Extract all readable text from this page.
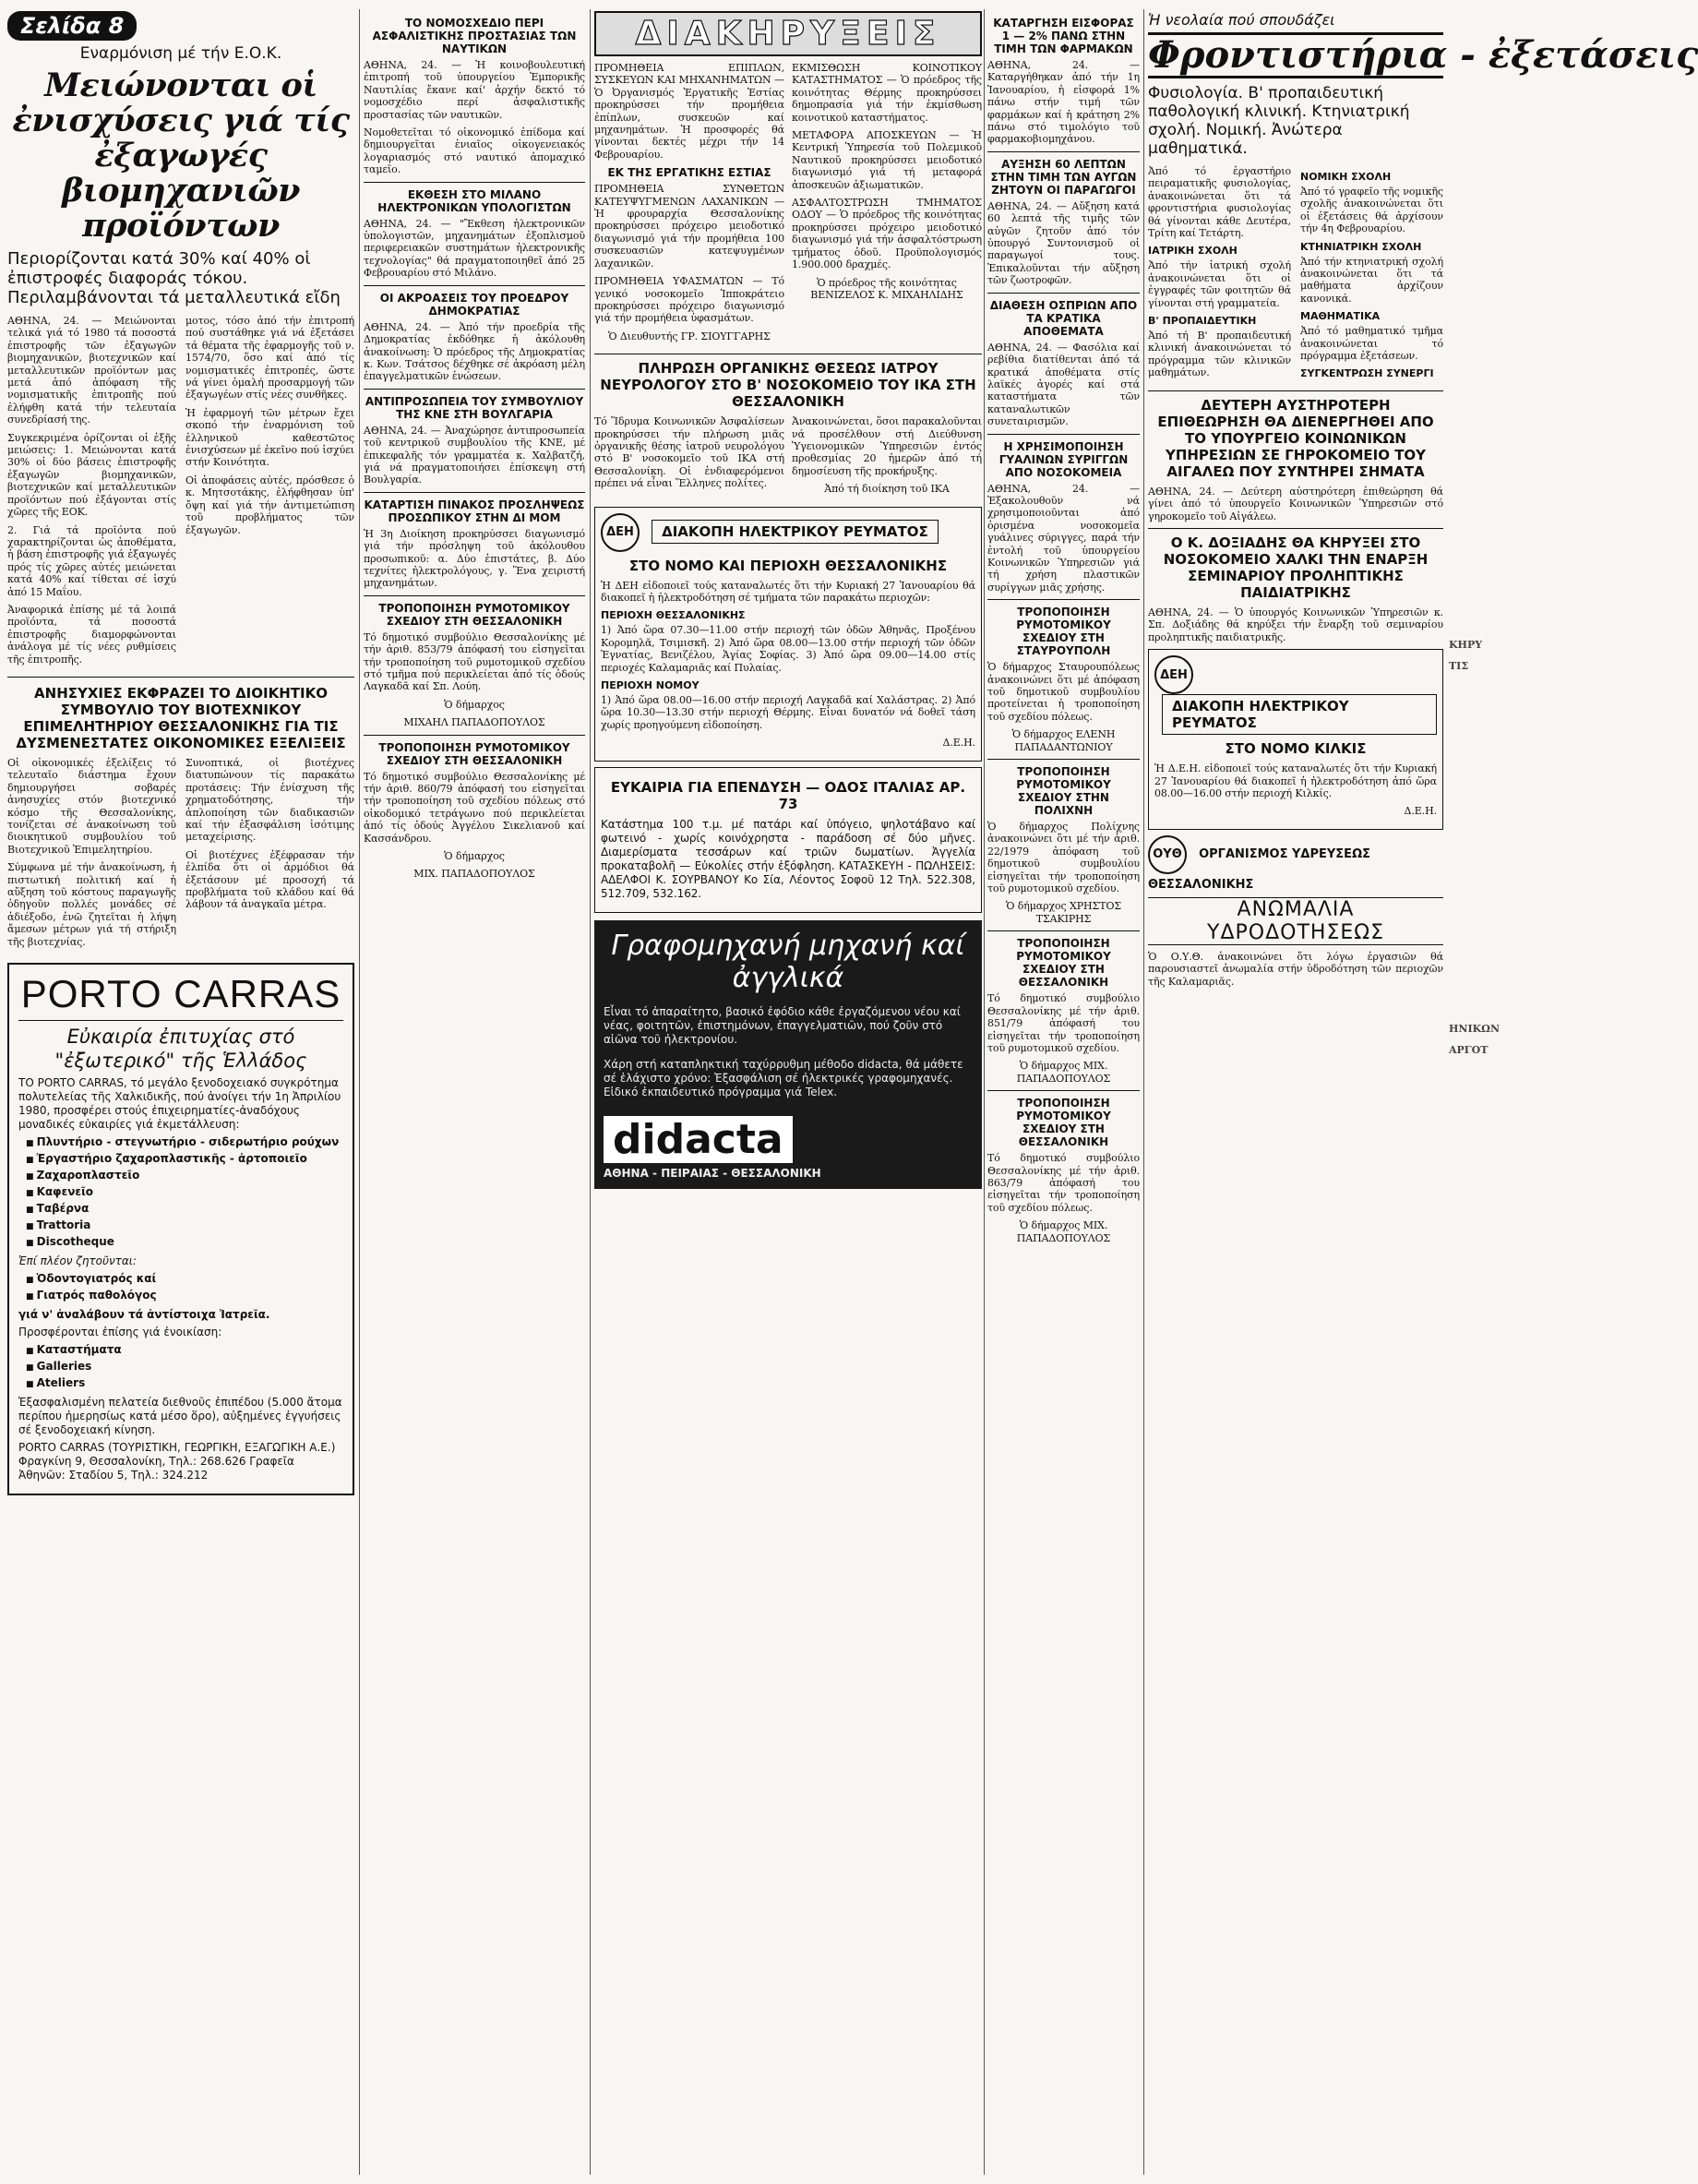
Σελίδα 8
Εναρμόνιση μέ τήν Ε.Ο.Κ.
Μειώνονται οἱ ἐνισχύσεις γιά τίς ἐξαγωγές βιομηχανιῶν προϊόντων
Περιορίζονται κατά 30% καί 40% οἱ ἐπιστροφές διαφοράς τόκου. Περιλαμβάνονται τά μεταλλευτικά εἴδη

ΑΘΗΝΑ, 24. — Μειώνονται τελικά γιά τό 1980 τά ποσοστά ἐπιστροφῆς τῶν ἐξαγωγῶν βιομηχανικῶν, βιοτεχνικῶν καί μεταλλευτικῶν προϊόντων μας μετά ἀπό ἀπόφαση τῆς νομισματικῆς ἐπιτροπῆς πού ἐλήφθη κατά τήν τελευταία συνεδρίασή της.

Συγκεκριμένα ὁρίζονται οἱ ἑξῆς μειώσεις: 1. Μειώνονται κατά 30% οἱ δύο βάσεις ἐπιστροφῆς ἐξαγωγῶν βιομηχανικῶν, βιοτεχνικῶν καί μεταλλευτικῶν προϊόντων πού ἐξάγονται στίς χῶρες τῆς ΕΟΚ.

2. Γιά τά προϊόντα πού χαρακτηρίζονται ὡς ἀποθέματα, ἡ βάση ἐπιστροφῆς γιά ἐξαγωγές πρός τίς χῶρες αὐτές μειώνεται κατά 40% καί τίθεται σέ ἰσχύ ἀπό 15 Μαΐου.

Ἀναφορικά ἐπίσης μέ τά λοιπά προϊόντα, τά ποσοστά ἐπιστροφῆς διαμορφώνονται ἀνάλογα μέ τίς νέες ρυθμίσεις τῆς ἐπιτροπῆς.

μοτος, τόσο ἀπό τήν ἐπιτροπή πού συστάθηκε γιά νά ἐξετάσει τά θέματα τῆς ἐφαρμογῆς τοῦ ν. 1574/70, ὅσο καί ἀπό τίς νομισματικές ἐπιτροπές, ὥστε νά γίνει ὁμαλή προσαρμογή τῶν ἐξαγωγέων στίς νέες συνθῆκες.

Ἡ ἐφαρμογή τῶν μέτρων ἔχει σκοπό τήν ἐναρμόνιση τοῦ ἑλληνικοῦ καθεστῶτος ἐνισχύσεων μέ ἐκεῖνο πού ἰσχύει στήν Κοινότητα.

Οἱ ἀποφάσεις αὐτές, πρόσθεσε ὁ κ. Μητσοτάκης, ἐλήφθησαν ὑπ' ὄψη καί γιά τήν ἀντιμετώπιση τοῦ προβλήματος τῶν ἐξαγωγῶν.

ΑΝΗΣΥΧΙΕΣ ΕΚΦΡΑΖΕΙ ΤΟ ΔΙΟΙΚΗΤΙΚΟ ΣΥΜΒΟΥΛΙΟ ΤΟΥ ΒΙΟΤΕΧΝΙΚΟΥ ΕΠΙΜΕΛΗΤΗΡΙΟΥ ΘΕΣΣΑΛΟΝΙΚΗΣ ΓΙΑ ΤΙΣ ΔΥΣΜΕΝΕΣΤΑΤΕΣ ΟΙΚΟΝΟΜΙΚΕΣ ΕΞΕΛΙΞΕΙΣ

Οἱ οἰκονομικές ἐξελίξεις τό τελευταῖο διάστημα ἔχουν δημιουργήσει σοβαρές ἀνησυχίες στόν βιοτεχνικό κόσμο τῆς Θεσσαλονίκης, τονίζεται σέ ἀνακοίνωση τοῦ διοικητικοῦ συμβουλίου τοῦ Βιοτεχνικοῦ Ἐπιμελητηρίου.

Σύμφωνα μέ τήν ἀνακοίνωση, ἡ πιστωτική πολιτική καί ἡ αὔξηση τοῦ κόστους παραγωγῆς ὁδηγοῦν πολλές μονάδες σέ ἀδιέξοδο, ἐνῶ ζητεῖται ἡ λήψη ἄμεσων μέτρων γιά τή στήριξη τῆς βιοτεχνίας.

Συνοπτικά, οἱ βιοτέχνες διατυπώνουν τίς παρακάτω προτάσεις: Τήν ἐνίσχυση τῆς χρηματοδότησης, τήν ἀπλοποίηση τῶν διαδικασιῶν καί τήν ἐξασφάλιση ἰσότιμης μεταχείρισης.

Οἱ βιοτέχνες ἐξέφρασαν τήν ἐλπίδα ὅτι οἱ ἁρμόδιοι θά ἐξετάσουν μέ προσοχή τά προβλήματα τοῦ κλάδου καί θά λάβουν τά ἀναγκαῖα μέτρα.

PORTO CARRAS
Εὐκαιρία ἐπιτυχίας στό "ἐξωτερικό" τῆς Ἑλλάδος

ΤΟ PORTO CARRAS, τό μεγάλο ξενοδοχειακό συγκρότημα πολυτελείας τῆς Χαλκιδικῆς, πού ἀνοίγει τήν 1η Ἀπριλίου 1980, προσφέρει στούς ἐπιχειρηματίες-ἀναδόχους μοναδικές εὐκαιρίες γιά ἐκμετάλλευση:

■ Πλυντήριο - στεγνωτήριο - σιδερωτήριο ρούχων
■ Ἐργαστήριο ζαχαροπλαστικῆς - ἀρτοποιεῖο
■ Ζαχαροπλαστεῖο
■ Καφενεῖο
■ Ταβέρνα
■ Trattoria
■ Discotheque
Ἐπί πλέον ζητοῦνται:
■ Ὀδοντογιατρός καί
■ Γιατρός παθολόγος
γιά ν' ἀναλάβουν τά ἀντίστοιχα Ἰατρεῖα.
Προσφέρονται ἐπίσης γιά ἐνοικίαση:
■ Καταστήματα
■ Galleries
■ Ateliers

Ἐξασφαλισμένη πελατεία διεθνοῦς ἐπιπέδου (5.000 ἄτομα περίπου ἡμερησίως κατά μέσο ὅρο), αὐξημένες ἐγγυήσεις σέ ξενοδοχειακή κίνηση.

PORTO CARRAS (ΤΟΥΡΙΣΤΙΚΗ, ΓΕΩΡΓΙΚΗ, ΕΞΑΓΩΓΙΚΗ Α.Ε.) Φραγκίνη 9, Θεσσαλονίκη, Τηλ.: 268.626 Γραφεῖα Ἀθηνῶν: Σταδίου 5, Τηλ.: 324.212

ΤΟ ΝΟΜΟΣΧΕΔΙΟ ΠΕΡΙ ΑΣΦΑΛΙΣΤΙΚΗΣ ΠΡΟΣΤΑΣΙΑΣ ΤΩΝ ΝΑΥΤΙΚΩΝ

ΑΘΗΝΑ, 24. — Ἡ κοινοβουλευτική ἐπιτροπή τοῦ ὑπουργείου Ἐμπορικῆς Ναυτιλίας ἔκανε καί' ἀρχήν δεκτό τό νομοσχέδιο περί ἀσφαλιστικῆς προστασίας τῶν ναυτικῶν.

Νομοθετεῖται τό οἰκονομικό ἐπίδομα καί δημιουργεῖται ἑνιαῖος οἰκογενειακός λογαριασμός στό ναυτικό ἀπομαχικό ταμεῖο.

ΕΚΘΕΣΗ ΣΤΟ ΜΙΛΑΝΟ ΗΛΕΚΤΡΟΝΙΚΩΝ ΥΠΟΛΟΓΙΣΤΩΝ

ΑΘΗΝΑ, 24. — "Ἔκθεση ἠλεκτρονικῶν ὑπολογιστῶν, μηχανημάτων ἐξοπλισμοῦ περιφερειακῶν συστημάτων ἠλεκτρονικῆς τεχνολογίας" θά πραγματοποιηθεῖ ἀπό 25 Φεβρουαρίου στό Μιλάνο.

ΟΙ ΑΚΡΟΑΣΕΙΣ ΤΟΥ ΠΡΟΕΔΡΟΥ ΔΗΜΟΚΡΑΤΙΑΣ

ΑΘΗΝΑ, 24. — Ἀπό τήν προεδρία τῆς Δημοκρατίας ἐκδόθηκε ἡ ἀκόλουθη ἀνακοίνωση: Ὁ πρόεδρος τῆς Δημοκρατίας κ. Κων. Τσάτσος δέχθηκε σέ ἀκρόαση μέλη ἐπαγγελματικῶν ἑνώσεων.

ΑΝΤΙΠΡΟΣΩΠΕΙΑ ΤΟΥ ΣΥΜΒΟΥΛΙΟΥ ΤΗΣ ΚΝΕ ΣΤΗ ΒΟΥΛΓΑΡΙΑ

ΑΘΗΝΑ, 24. — Ἀναχώρησε ἀντιπροσωπεία τοῦ κεντρικοῦ συμβουλίου τῆς ΚΝΕ, μέ ἐπικεφαλῆς τόν γραμματέα κ. Χαλβατζή, γιά νά πραγματοποιήσει ἐπίσκεψη στή Βουλγαρία.

ΚΑΤΑΡΤΙΣΗ ΠΙΝΑΚΟΣ ΠΡΟΣΛΗΨΕΩΣ ΠΡΟΣΩΠΙΚΟΥ ΣΤΗΝ ΔΙ ΜΟΜ

Ἡ 3η Διοίκηση προκηρύσσει διαγωνισμό γιά τήν πρόσληψη τοῦ ἀκόλουθου προσωπικοῦ: α. Δύο ἐπιστάτες, β. Δύο τεχνίτες ἠλεκτρολόγους, γ. Ἕνα χειριστή μηχανημάτων.

ΤΡΟΠΟΠΟΙΗΣΗ ΡΥΜΟΤΟΜΙΚΟΥ ΣΧΕΔΙΟΥ ΣΤΗ ΘΕΣΣΑΛΟΝΙΚΗ

Τό δημοτικό συμβούλιο Θεσσαλονίκης μέ τήν ἀριθ. 853/79 ἀπόφασή του εἰσηγεῖται τήν τροποποίηση τοῦ ρυμοτομικοῦ σχεδίου στό τμῆμα πού περικλείεται ἀπό τίς ὁδούς Λαγκαδᾶ καί Σπ. Λούη.

Ὁ δήμαρχος
ΜΙΧΑΗΛ ΠΑΠΑΔΟΠΟΥΛΟΣ
ΤΡΟΠΟΠΟΙΗΣΗ ΡΥΜΟΤΟΜΙΚΟΥ ΣΧΕΔΙΟΥ ΣΤΗ ΘΕΣΣΑΛΟΝΙΚΗ

Τό δημοτικό συμβούλιο Θεσσαλονίκης μέ τήν ἀριθ. 860/79 ἀπόφασή του εἰσηγεῖται τήν τροποποίηση τοῦ σχεδίου πόλεως στό οἰκοδομικό τετράγωνο πού περικλείεται ἀπό τίς ὁδούς Ἀγγέλου Σικελιανοῦ καί Κασσάνδρου.

Ὁ δήμαρχος
ΜΙΧ. ΠΑΠΑΔΟΠΟΥΛΟΣ
ΔΙΑΚΗΡΥΞΕΙΣ

ΠΡΟΜΗΘΕΙΑ ΕΠΙΠΛΩΝ, ΣΥΣΚΕΥΩΝ ΚΑΙ ΜΗΧΑΝΗΜΑΤΩΝ — Ὁ Ὀργανισμός Ἐργατικῆς Ἑστίας προκηρύσσει τήν προμήθεια ἐπίπλων, συσκευῶν καί μηχανημάτων. Ἡ προσφορές θά γίνονται δεκτές μέχρι τήν 14 Φεβρουαρίου.

ΕΚ ΤΗΣ ΕΡΓΑΤΙΚΗΣ ΕΣΤΙΑΣ

ΠΡΟΜΗΘΕΙΑ ΣΥΝΘΕΤΩΝ ΚΑΤΕΥΨΥΓΜΕΝΩΝ ΛΑΧΑΝΙΚΩΝ — Ἡ φρουραρχία Θεσσαλονίκης προκηρύσσει πρόχειρο μειοδοτικό διαγωνισμό γιά τήν προμήθεια 100 συσκευασιῶν κατεψυγμένων λαχανικῶν.

ΠΡΟΜΗΘΕΙΑ ΥΦΑΣΜΑΤΩΝ — Τό γενικό νοσοκομεῖο Ἱπποκράτειο προκηρύσσει πρόχειρο διαγωνισμό γιά τήν προμήθεια ὑφασμάτων.

Ὁ Διευθυντής ΓΡ. ΣΙΟΥΓΓΑΡΗΣ

ΕΚΜΙΣΘΩΣΗ ΚΟΙΝΟΤΙΚΟΥ ΚΑΤΑΣΤΗΜΑΤΟΣ — Ὁ πρόεδρος τῆς κοινότητας Θέρμης προκηρύσσει δημοπρασία γιά τήν ἐκμίσθωση κοινοτικοῦ καταστήματος.

ΜΕΤΑΦΟΡΑ ΑΠΟΣΚΕΥΩΝ — Ἡ Κεντρική Ὑπηρεσία τοῦ Πολεμικοῦ Ναυτικοῦ προκηρύσσει μειοδοτικό διαγωνισμό γιά τή μεταφορά ἀποσκευῶν ἀξιωματικῶν.

ΑΣΦΑΛΤΟΣΤΡΩΣΗ ΤΜΗΜΑΤΟΣ ΟΔΟΥ — Ὁ πρόεδρος τῆς κοινότητας προκηρύσσει πρόχειρο μειοδοτικό διαγωνισμό γιά τήν ἀσφαλτόστρωση τμήματος ὁδοῦ. Προϋπολογισμός 1.900.000 δραχμές.

Ὁ πρόεδρος τῆς κοινότητας ΒΕΝΙΖΕΛΟΣ Κ. ΜΙΧΑΗΛΙΔΗΣ
ΠΛΗΡΩΣΗ ΟΡΓΑΝΙΚΗΣ ΘΕΣΕΩΣ ΙΑΤΡΟΥ ΝΕΥΡΟΛΟΓΟΥ ΣΤΟ Β' ΝΟΣΟΚΟΜΕΙΟ ΤΟΥ ΙΚΑ ΣΤΗ ΘΕΣΣΑΛΟΝΙΚΗ

Τό Ἵδρυμα Κοινωνικῶν Ἀσφαλίσεων προκηρύσσει τήν πλήρωση μιᾶς ὀργανικῆς θέσης ἰατροῦ νευρολόγου στό Β' νοσοκομεῖο τοῦ ΙΚΑ στή Θεσσαλονίκη. Οἱ ἐνδιαφερόμενοι πρέπει νά εἶναι Ἕλληνες πολίτες.

Ἀνακοινώνεται, ὅσοι παρακαλοῦνται νά προσέλθουν στή Διεύθυνση Ὑγειονομικῶν Ὑπηρεσιῶν ἐντός προθεσμίας 20 ἡμερῶν ἀπό τή δημοσίευση τῆς προκήρυξης.

Ἀπό τή διοίκηση τοῦ ΙΚΑ
ΔΕΗ ΔΙΑΚΟΠΗ ΗΛΕΚΤΡΙΚΟΥ ΡΕΥΜΑΤΟΣ
ΣΤΟ ΝΟΜΟ ΚΑΙ ΠΕΡΙΟΧΗ ΘΕΣΣΑΛΟΝΙΚΗΣ

Ἡ ΔΕΗ εἰδοποιεῖ τούς καταναλωτές ὅτι τήν Κυριακή 27 Ἰανουαρίου θά διακοπεῖ ἡ ἠλεκτροδότηση σέ τμήματα τῶν παρακάτω περιοχῶν:

ΠΕΡΙΟΧΗ ΘΕΣΣΑΛΟΝΙΚΗΣ

1) Ἀπό ὥρα 07.30—11.00 στήν περιοχή τῶν ὁδῶν Ἀθηνᾶς, Προξένου Κορομηλᾶ, Τσιμισκῆ. 2) Ἀπό ὥρα 08.00—13.00 στήν περιοχή τῶν ὁδῶν Ἐγνατίας, Βενιζέλου, Ἁγίας Σοφίας. 3) Ἀπό ὥρα 09.00—14.00 στίς περιοχές Καλαμαριᾶς καί Πυλαίας.

ΠΕΡΙΟΧΗ ΝΟΜΟΥ

1) Ἀπό ὥρα 08.00—16.00 στήν περιοχή Λαγκαδᾶ καί Χαλάστρας. 2) Ἀπό ὥρα 10.30—13.30 στήν περιοχή Θέρμης. Εἶναι δυνατόν νά δοθεῖ τάση χωρίς προηγούμενη εἰδοποίηση.

Δ.Ε.Η.
ΕΥΚΑΙΡΙΑ ΓΙΑ ΕΠΕΝΔΥΣΗ — ΟΔΟΣ ΙΤΑΛΙΑΣ ΑΡ. 73

Κατάστημα 100 τ.μ. μέ πατάρι καί ὑπόγειο, ψηλοτάβανο καί φωτεινό - χωρίς κοινόχρηστα - παράδοση σέ δύο μῆνες. Διαμερίσματα τεσσάρων καί τριῶν δωματίων. Ἀγγελία προκαταβολῆ — Εὐκολίες στήν ἐξόφληση. ΚΑΤΑΣΚΕΥΗ - ΠΩΛΗΣΕΙΣ: ΑΔΕΛΦΟΙ Κ. ΣΟΥΡΒΑΝΟΥ Κο Σία, Λέοντος Σοφοῦ 12 Τηλ. 522.308, 512.709, 532.162.

Γραφομηχανή μηχανή καί ἀγγλικά

Εἶναι τό ἀπαραίτητο, βασικό ἐφόδιο κάθε ἐργαζόμενου νέου καί νέας, φοιτητῶν, ἐπιστημόνων, ἐπαγγελματιῶν, πού ζοῦν στό αἰῶνα τοῦ ἠλεκτρονίου.

Χάρη στή καταπληκτική ταχύρρυθμη μέθοδο didacta, θά μάθετε σέ ἐλάχιστο χρόνο: Ἐξασφάλιση σέ ἠλεκτρικές γραφομηχανές. Εἰδικό ἐκπαιδευτικό πρόγραμμα γιά Telex.

didacta
ΑΘΗΝΑ - ΠΕΙΡΑΙΑΣ - ΘΕΣΣΑΛΟΝΙΚΗ
ΚΑΤΑΡΓΗΣΗ ΕΙΣΦΟΡΑΣ 1 — 2% ΠΑΝΩ ΣΤΗΝ ΤΙΜΗ ΤΩΝ ΦΑΡΜΑΚΩΝ

ΑΘΗΝΑ, 24. — Καταργήθηκαν ἀπό τήν 1η Ἰανουαρίου, ἡ εἰσφορά 1% πάνω στήν τιμή τῶν φαρμάκων καί ἡ κράτηση 2% πάνω στό τιμολόγιο τοῦ φαρμακοβιομηχάνου.

ΑΥΞΗΣΗ 60 ΛΕΠΤΩΝ ΣΤΗΝ ΤΙΜΗ ΤΩΝ ΑΥΓΩΝ ΖΗΤΟΥΝ ΟΙ ΠΑΡΑΓΩΓΟΙ

ΑΘΗΝΑ, 24. — Αὔξηση κατά 60 λεπτά τῆς τιμῆς τῶν αὐγῶν ζητοῦν ἀπό τόν ὑπουργό Συντονισμοῦ οἱ παραγωγοί τους. Ἐπικαλοῦνται τήν αὔξηση τῶν ζωοτροφῶν.

ΔΙΑΘΕΣΗ ΟΣΠΡΙΩΝ ΑΠΟ ΤΑ ΚΡΑΤΙΚΑ ΑΠΟΘΕΜΑΤΑ

ΑΘΗΝΑ, 24. — Φασόλια καί ρεβίθια διατίθενται ἀπό τά κρατικά ἀποθέματα στίς λαϊκές ἀγορές καί στά καταστήματα τῶν καταναλωτικῶν συνεταιρισμῶν.

Η ΧΡΗΣΙΜΟΠΟΙΗΣΗ ΓΥΑΛΙΝΩΝ ΣΥΡΙΓΓΩΝ ΑΠΟ ΝΟΣΟΚΟΜΕΙΑ

ΑΘΗΝΑ, 24. — Ἐξακολουθοῦν νά χρησιμοποιοῦνται ἀπό ὁρισμένα νοσοκομεῖα γυάλινες σύριγγες, παρά τήν ἐντολή τοῦ ὑπουργείου Κοινωνικῶν Ὑπηρεσιῶν γιά τή χρήση πλαστικῶν συρίγγων μιᾶς χρήσης.

ΤΡΟΠΟΠΟΙΗΣΗ ΡΥΜΟΤΟΜΙΚΟΥ ΣΧΕΔΙΟΥ ΣΤΗ ΣΤΑΥΡΟΥΠΟΛΗ

Ὁ δήμαρχος Σταυρουπόλεως ἀνακοινώνει ὅτι μέ ἀπόφαση τοῦ δημοτικοῦ συμβουλίου προτείνεται ἡ τροποποίηση τοῦ σχεδίου πόλεως.

Ὁ δήμαρχος ΕΛΕΝΗ ΠΑΠΑΔΑΝΤΩΝΙΟΥ
ΤΡΟΠΟΠΟΙΗΣΗ ΡΥΜΟΤΟΜΙΚΟΥ ΣΧΕΔΙΟΥ ΣΤΗΝ ΠΟΛΙΧΝΗ

Ὁ δήμαρχος Πολίχνης ἀνακοινώνει ὅτι μέ τήν ἀριθ. 22/1979 ἀπόφαση τοῦ δημοτικοῦ συμβουλίου εἰσηγεῖται τήν τροποποίηση τοῦ ρυμοτομικοῦ σχεδίου.

Ὁ δήμαρχος ΧΡΗΣΤΟΣ ΤΣΑΚΙΡΗΣ
ΤΡΟΠΟΠΟΙΗΣΗ ΡΥΜΟΤΟΜΙΚΟΥ ΣΧΕΔΙΟΥ ΣΤΗ ΘΕΣΣΑΛΟΝΙΚΗ

Τό δημοτικό συμβούλιο Θεσσαλονίκης μέ τήν ἀριθ. 851/79 ἀπόφασή του εἰσηγεῖται τήν τροποποίηση τοῦ ρυμοτομικοῦ σχεδίου.

Ὁ δήμαρχος ΜΙΧ. ΠΑΠΑΔΟΠΟΥΛΟΣ
ΤΡΟΠΟΠΟΙΗΣΗ ΡΥΜΟΤΟΜΙΚΟΥ ΣΧΕΔΙΟΥ ΣΤΗ ΘΕΣΣΑΛΟΝΙΚΗ

Τό δημοτικό συμβούλιο Θεσσαλονίκης μέ τήν ἀριθ. 863/79 ἀπόφασή του εἰσηγεῖται τήν τροποποίηση τοῦ σχεδίου πόλεως.

Ὁ δήμαρχος ΜΙΧ. ΠΑΠΑΔΟΠΟΥΛΟΣ
Ἡ νεολαία πού σπουδάζει
Φροντιστήρια - ἐξετάσεις
Φυσιολογία. Β' προπαιδευτική παθολογική κλινική. Κτηνιατρική σχολή. Νομική. Ἀνώτερα μαθηματικά.

Ἀπό τό ἐργαστήριο πειραματικῆς φυσιολογίας, ἀνακοινώνεται ὅτι τά φροντιστήρια φυσιολογίας θά γίνονται κάθε Δευτέρα, Τρίτη καί Τετάρτη.

ΙΑΤΡΙΚΗ ΣΧΟΛΗ

Ἀπό τήν ἰατρική σχολή ἀνακοινώνεται ὅτι οἱ ἐγγραφές τῶν φοιτητῶν θά γίνονται στή γραμματεία.

Β' ΠΡΟΠΑΙΔΕΥΤΙΚΗ

Ἀπό τή Β' προπαιδευτική κλινική ἀνακοινώνεται τό πρόγραμμα τῶν κλινικῶν μαθημάτων.

ΝΟΜΙΚΗ ΣΧΟΛΗ

Ἀπό τό γραφεῖο τῆς νομικῆς σχολῆς ἀνακοινώνεται ὅτι οἱ ἐξετάσεις θά ἀρχίσουν τήν 4η Φεβρουαρίου.

ΚΤΗΝΙΑΤΡΙΚΗ ΣΧΟΛΗ

Ἀπό τήν κτηνιατρική σχολή ἀνακοινώνεται ὅτι τά μαθήματα ἀρχίζουν κανονικά.

ΜΑΘΗΜΑΤΙΚΑ

Ἀπό τό μαθηματικό τμῆμα ἀνακοινώνεται τό πρόγραμμα ἐξετάσεων.

ΣΥΓΚΕΝΤΡΩΣΗ ΣΥΝΕΡΓΙ
ΔΕΥΤΕΡΗ ΑΥΣΤΗΡΟΤΕΡΗ ΕΠΙΘΕΩΡΗΣΗ ΘΑ ΔΙΕΝΕΡΓΗΘΕΙ ΑΠΟ ΤΟ ΥΠΟΥΡΓΕΙΟ ΚΟΙΝΩΝΙΚΩΝ ΥΠΗΡΕΣΙΩΝ ΣΕ ΓΗΡΟΚΟΜΕΙΟ ΤΟΥ ΑΙΓΑΛΕΩ ΠΟΥ ΣΥΝΤΗΡΕΙ ΣΗΜΑΤΑ

ΑΘΗΝΑ, 24. — Δεύτερη αὐστηρότερη ἐπιθεώρηση θά γίνει ἀπό τό ὑπουργεῖο Κοινωνικῶν Ὑπηρεσιῶν στό γηροκομεῖο τοῦ Αἰγάλεω.

Ο Κ. ΔΟΞΙΑΔΗΣ ΘΑ ΚΗΡΥΞΕΙ ΣΤΟ ΝΟΣΟΚΟΜΕΙΟ ΧΑΛΚΙ ΤΗΝ ΕΝΑΡΞΗ ΣΕΜΙΝΑΡΙΟΥ ΠΡΟΛΗΠΤΙΚΗΣ ΠΑΙΔΙΑΤΡΙΚΗΣ

ΑΘΗΝΑ, 24. — Ὁ ὑπουργός Κοινωνικῶν Ὑπηρεσιῶν κ. Σπ. Δοξιάδης θά κηρύξει τήν ἔναρξη τοῦ σεμιναρίου προληπτικῆς παιδιατρικῆς.

ΔΕΗ ΔΙΑΚΟΠΗ ΗΛΕΚΤΡΙΚΟΥ ΡΕΥΜΑΤΟΣ
ΣΤΟ ΝΟΜΟ ΚΙΛΚΙΣ

Ἡ Δ.Ε.Η. εἰδοποιεῖ τούς καταναλωτές ὅτι τήν Κυριακή 27 Ἰανουαρίου θά διακοπεῖ ἡ ἠλεκτροδότηση ἀπό ὥρα 08.00—16.00 στήν περιοχή Κιλκίς.

Δ.Ε.Η.
ΟΥΘ ΟΡΓΑΝΙΣΜΟΣ ΥΔΡΕΥΣΕΩΣ ΘΕΣΣΑΛΟΝΙΚΗΣ
ΑΝΩΜΑΛΙΑ ΥΔΡΟΔΟΤΗΣΕΩΣ

Ὁ Ο.Υ.Θ. ἀνακοινώνει ὅτι λόγω ἐργασιῶν θά παρουσιαστεῖ ἀνωμαλία στήν ὑδροδότηση τῶν περιοχῶν τῆς Καλαμαριᾶς.

ΚΗΡΥ
ΤΙΣ
ΗΝΙΚΩΝ
ΑΡΓΟΤ
